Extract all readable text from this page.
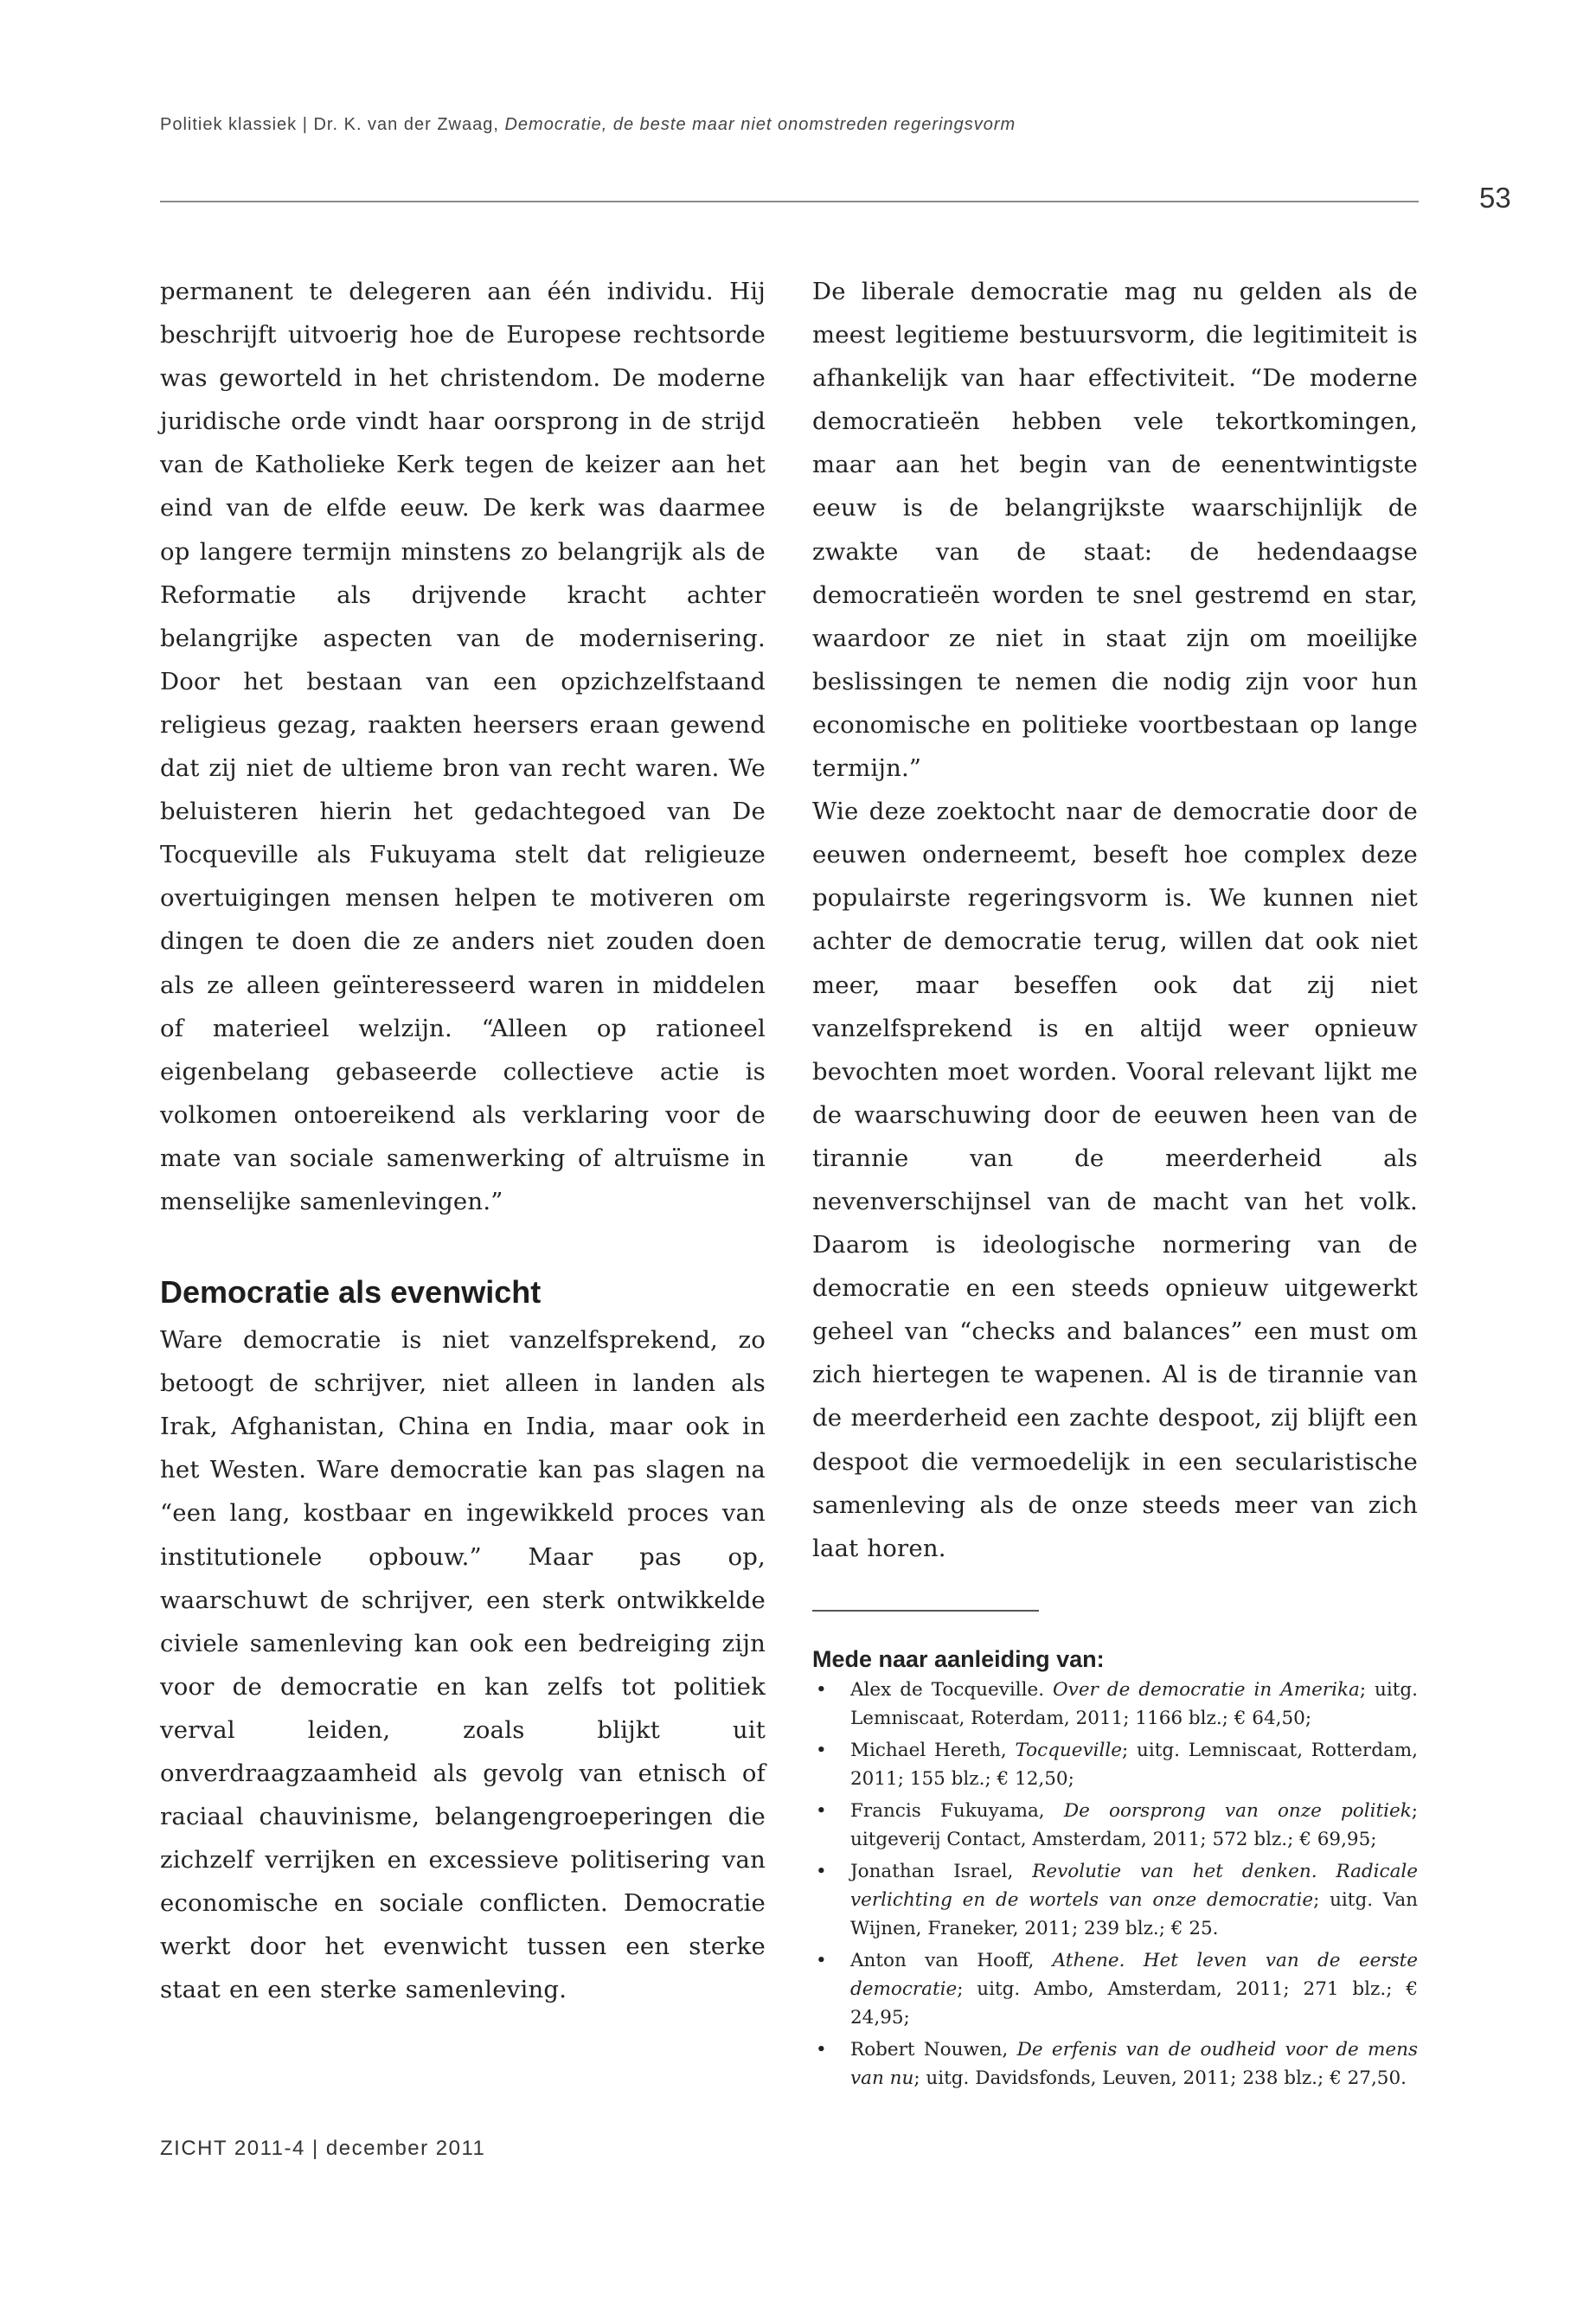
Politiek klassiek | Dr. K. van der Zwaag, Democratie, de beste maar niet onomstreden regeringsvorm
53

permanent te delegeren aan één individu. Hij beschrijft uitvoerig hoe de Europese rechtsorde was geworteld in het christendom. De moderne juridische orde vindt haar oorsprong in de strijd van de Katholieke Kerk tegen de keizer aan het eind van de elfde eeuw. De kerk was daarmee op langere termijn minstens zo belangrijk als de Reformatie als drijvende kracht achter belangrijke aspecten van de modernisering. Door het bestaan van een opzichzelfstaand religieus gezag, raakten heersers eraan gewend dat zij niet de ultieme bron van recht waren. We beluisteren hierin het gedachtegoed van De Tocqueville als Fukuyama stelt dat religieuze overtuigingen mensen helpen te motiveren om dingen te doen die ze anders niet zouden doen als ze alleen geïnteresseerd waren in middelen of materieel welzijn. “Alleen op rationeel eigenbelang gebaseerde collectieve actie is volkomen ontoereikend als verklaring voor de mate van sociale samenwerking of altruïsme in menselijke samenlevingen.”

Democratie als evenwicht

Ware democratie is niet vanzelfsprekend, zo betoogt de schrijver, niet alleen in landen als Irak, Afghanistan, China en India, maar ook in het Westen. Ware democratie kan pas slagen na “een lang, kostbaar en ingewikkeld proces van institutionele opbouw.” Maar pas op, waarschuwt de schrijver, een sterk ontwikkelde civiele samenleving kan ook een bedreiging zijn voor de democratie en kan zelfs tot politiek verval leiden, zoals blijkt uit onverdraagzaamheid als gevolg van etnisch of raciaal chauvinisme, belangengroeperingen die zichzelf verrijken en excessieve politisering van economische en sociale conflicten. Democratie werkt door het evenwicht tussen een sterke staat en een sterke samenleving.

De liberale democratie mag nu gelden als de meest legitieme bestuursvorm, die legitimiteit is afhankelijk van haar effectiviteit. “De moderne democratieën hebben vele tekortkomingen, maar aan het begin van de eenentwintigste eeuw is de belangrijkste waarschijnlijk de zwakte van de staat: de hedendaagse democratieën worden te snel gestremd en star, waardoor ze niet in staat zijn om moeilijke beslissingen te nemen die nodig zijn voor hun economische en politieke voortbestaan op lange termijn.”

Wie deze zoektocht naar de democratie door de eeuwen onderneemt, beseft hoe complex deze populairste regeringsvorm is. We kunnen niet achter de democratie terug, willen dat ook niet meer, maar beseffen ook dat zij niet vanzelfsprekend is en altijd weer opnieuw bevochten moet worden. Vooral relevant lijkt me de waarschuwing door de eeuwen heen van de tirannie van de meerderheid als nevenverschijnsel van de macht van het volk. Daarom is ideologische normering van de democratie en een steeds opnieuw uitgewerkt geheel van “checks and balances” een must om zich hiertegen te wapenen. Al is de tirannie van de meerderheid een zachte despoot, zij blijft een despoot die vermoedelijk in een secularistische samenleving als de onze steeds meer van zich laat horen.

Mede naar aanleiding van:
• Alex de Tocqueville. Over de democratie in Amerika; uitg. Lemniscaat, Roterdam, 2011; 1166 blz.; € 64,50;
• Michael Hereth, Tocqueville; uitg. Lemniscaat, Rotterdam, 2011; 155 blz.; € 12,50;
• Francis Fukuyama, De oorsprong van onze politiek; uitgeverij Contact, Amsterdam, 2011; 572 blz.; € 69,95;
• Jonathan Israel, Revolutie van het denken. Radicale verlichting en de wortels van onze democratie; uitg. Van Wijnen, Franeker, 2011; 239 blz.; € 25.
• Anton van Hooff, Athene. Het leven van de eerste democratie; uitg. Ambo, Amsterdam, 2011; 271 blz.; € 24,95;
• Robert Nouwen, De erfenis van de oudheid voor de mens van nu; uitg. Davidsfonds, Leuven, 2011; 238 blz.; € 27,50.
ZICHT 2011-4 | december 2011
